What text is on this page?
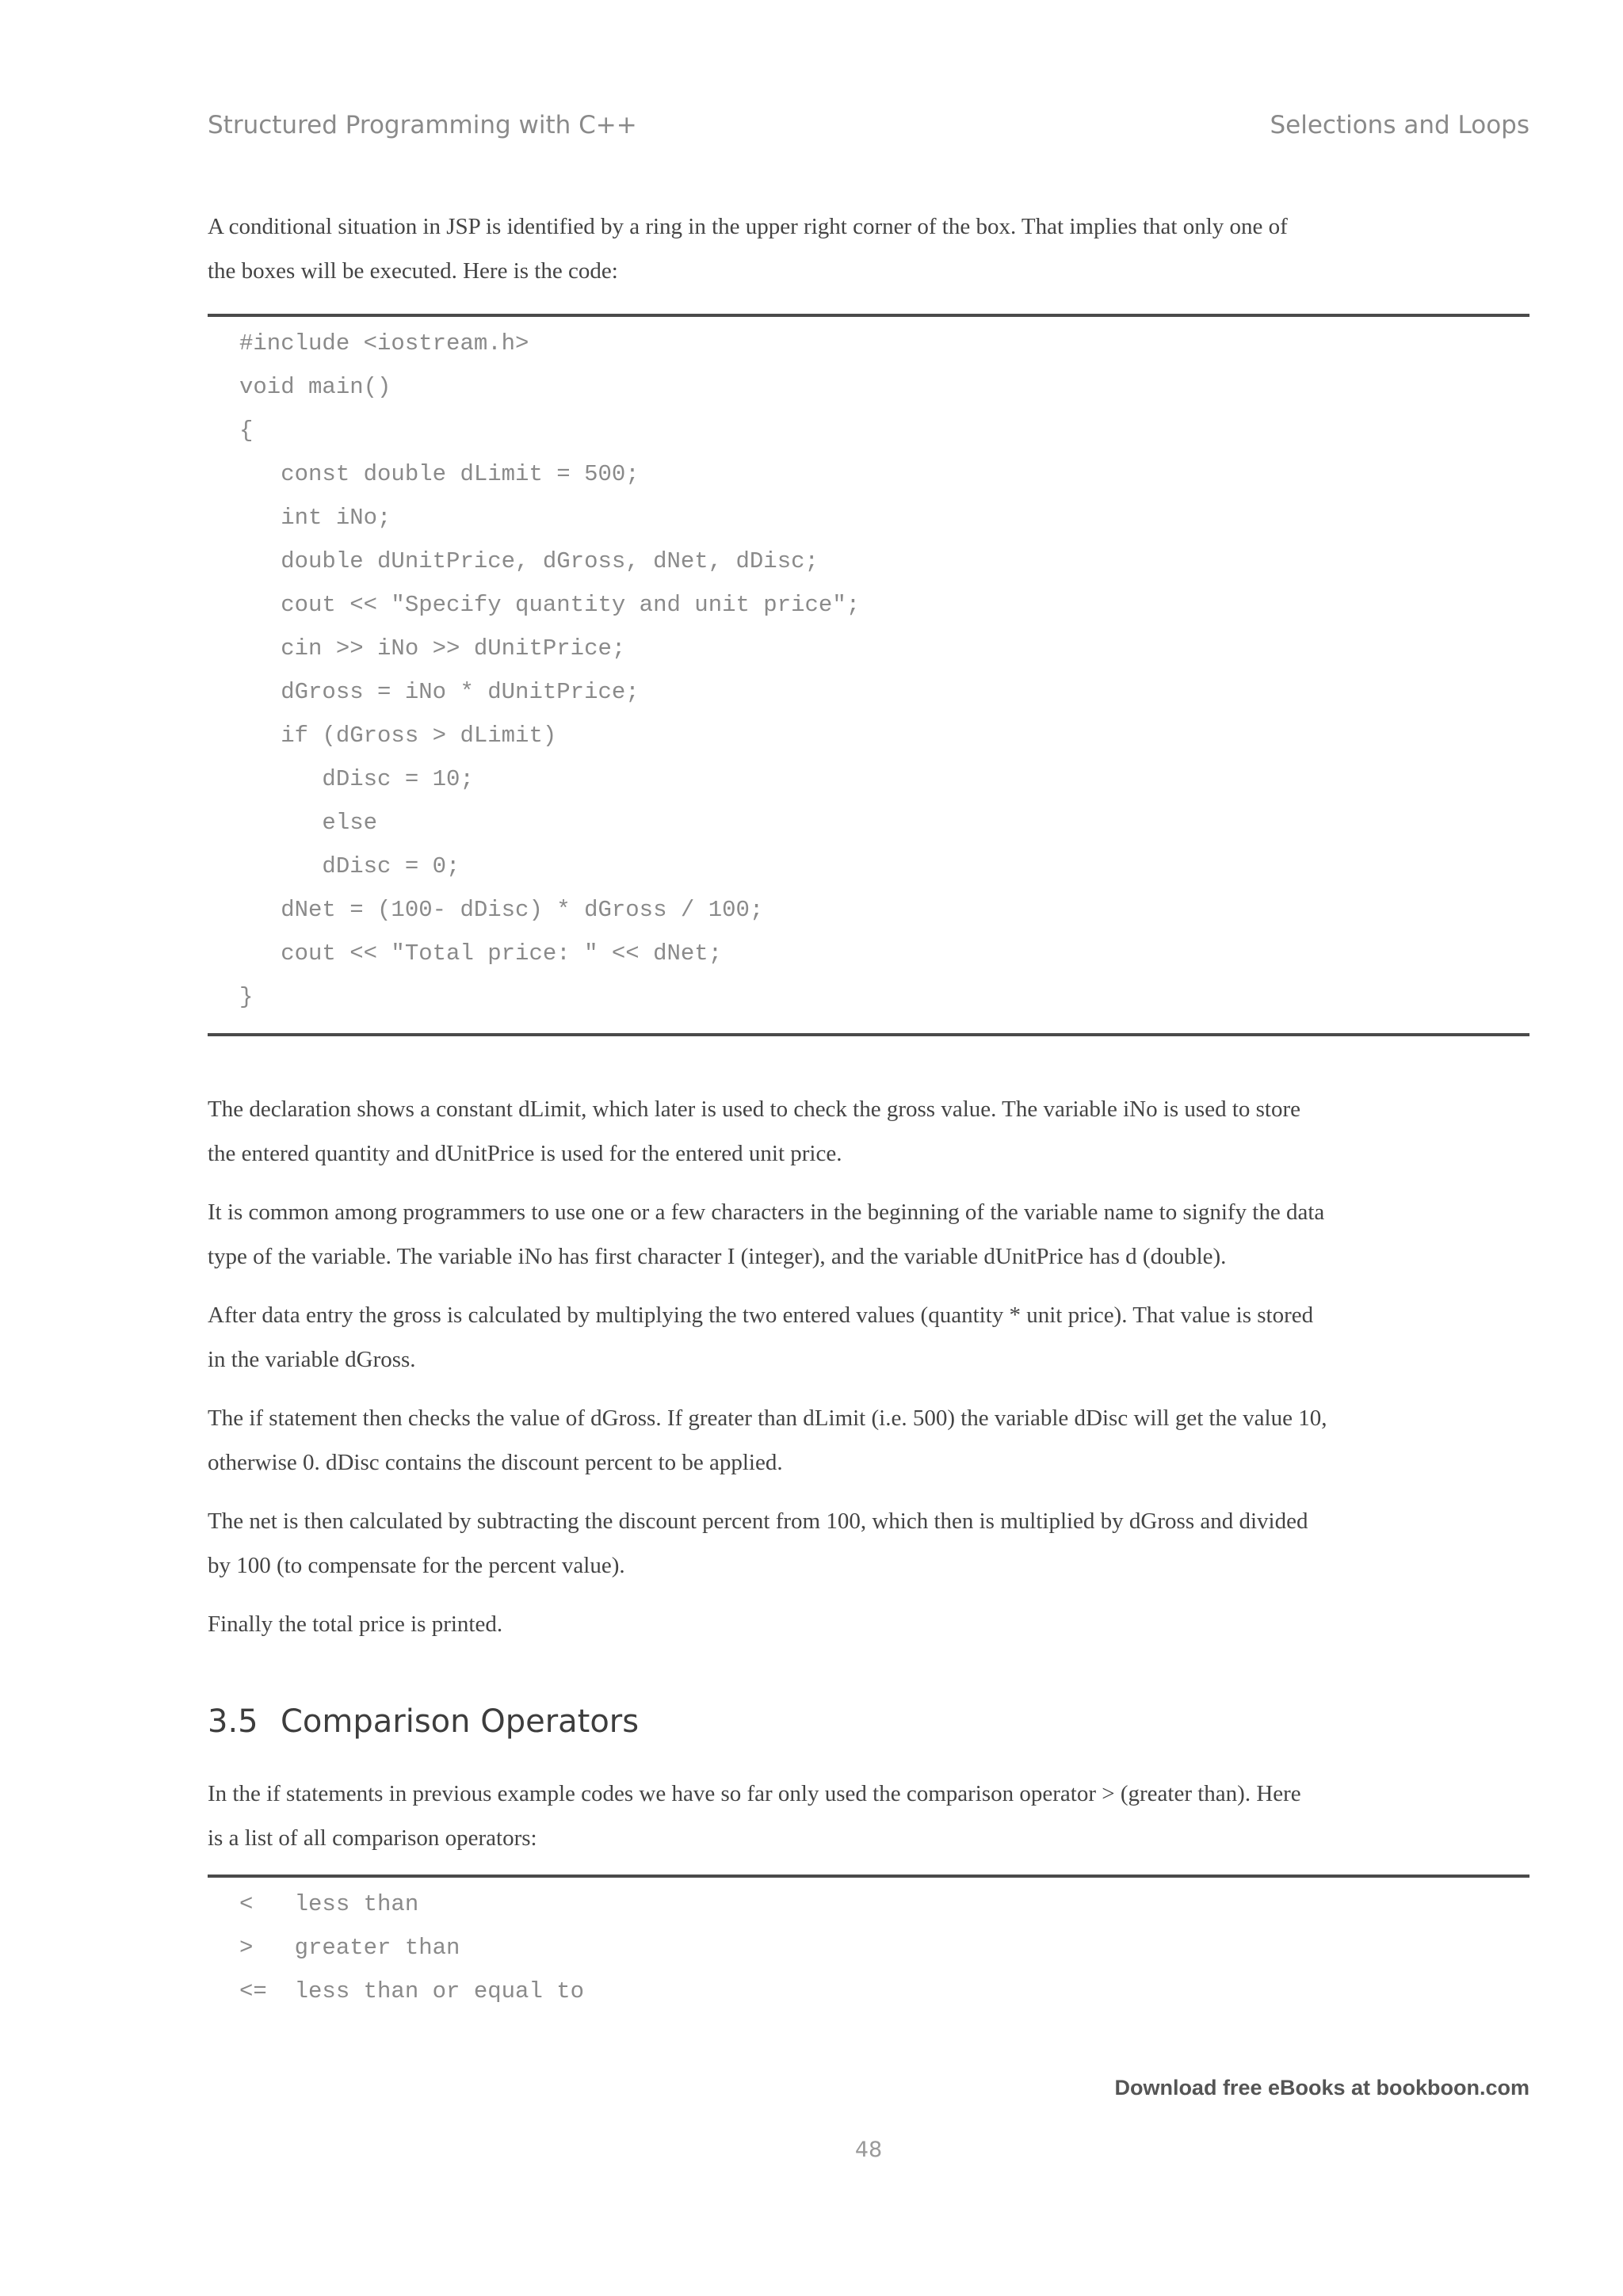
Structured Programming with C++	Selections and Loops

A conditional situation in JSP is identified by a ring in the upper right corner of the box. That implies that only one of

the boxes will be executed. Here is the code:

#include <iostream.h>
void main()
{
const double dLimit = 500;
int iNo;
double dUnitPrice, dGross, dNet, dDisc;
cout << "Specify quantity and unit price";
cin >> iNo >> dUnitPrice;
dGross = iNo * dUnitPrice;
if (dGross > dLimit)
dDisc = 10;
else
dDisc = 0;
dNet = (100- dDisc) * dGross / 100;
cout << "Total price: " << dNet;
}

The declaration shows a constant dLimit, which later is used to check the gross value. The variable iNo is used to store

the entered quantity and dUnitPrice is used for the entered unit price.

It is common among programmers to use one or a few characters in the beginning of the variable name to signify the data

type of the variable. The variable iNo has first character I (integer), and the variable dUnitPrice has d (double).

After data entry the gross is calculated by multiplying the two entered values (quantity * unit price). That value is stored

in the variable dGross.

The if statement then checks the value of dGross. If greater than dLimit (i.e. 500) the variable dDisc will get the value 10,

otherwise 0. dDisc contains the discount percent to be applied.

The net is then calculated by subtracting the discount percent from 100, which then is multiplied by dGross and divided

by 100 (to compensate for the percent value).

Finally the total price is printed.

3.5 Comparison Operators

In the if statements in previous example codes we have so far only used the comparison operator > (greater than). Here

is a list of all comparison operators:

<   less than
>   greater than
<=  less than or equal to
Download free eBooks at bookboon.com
48
